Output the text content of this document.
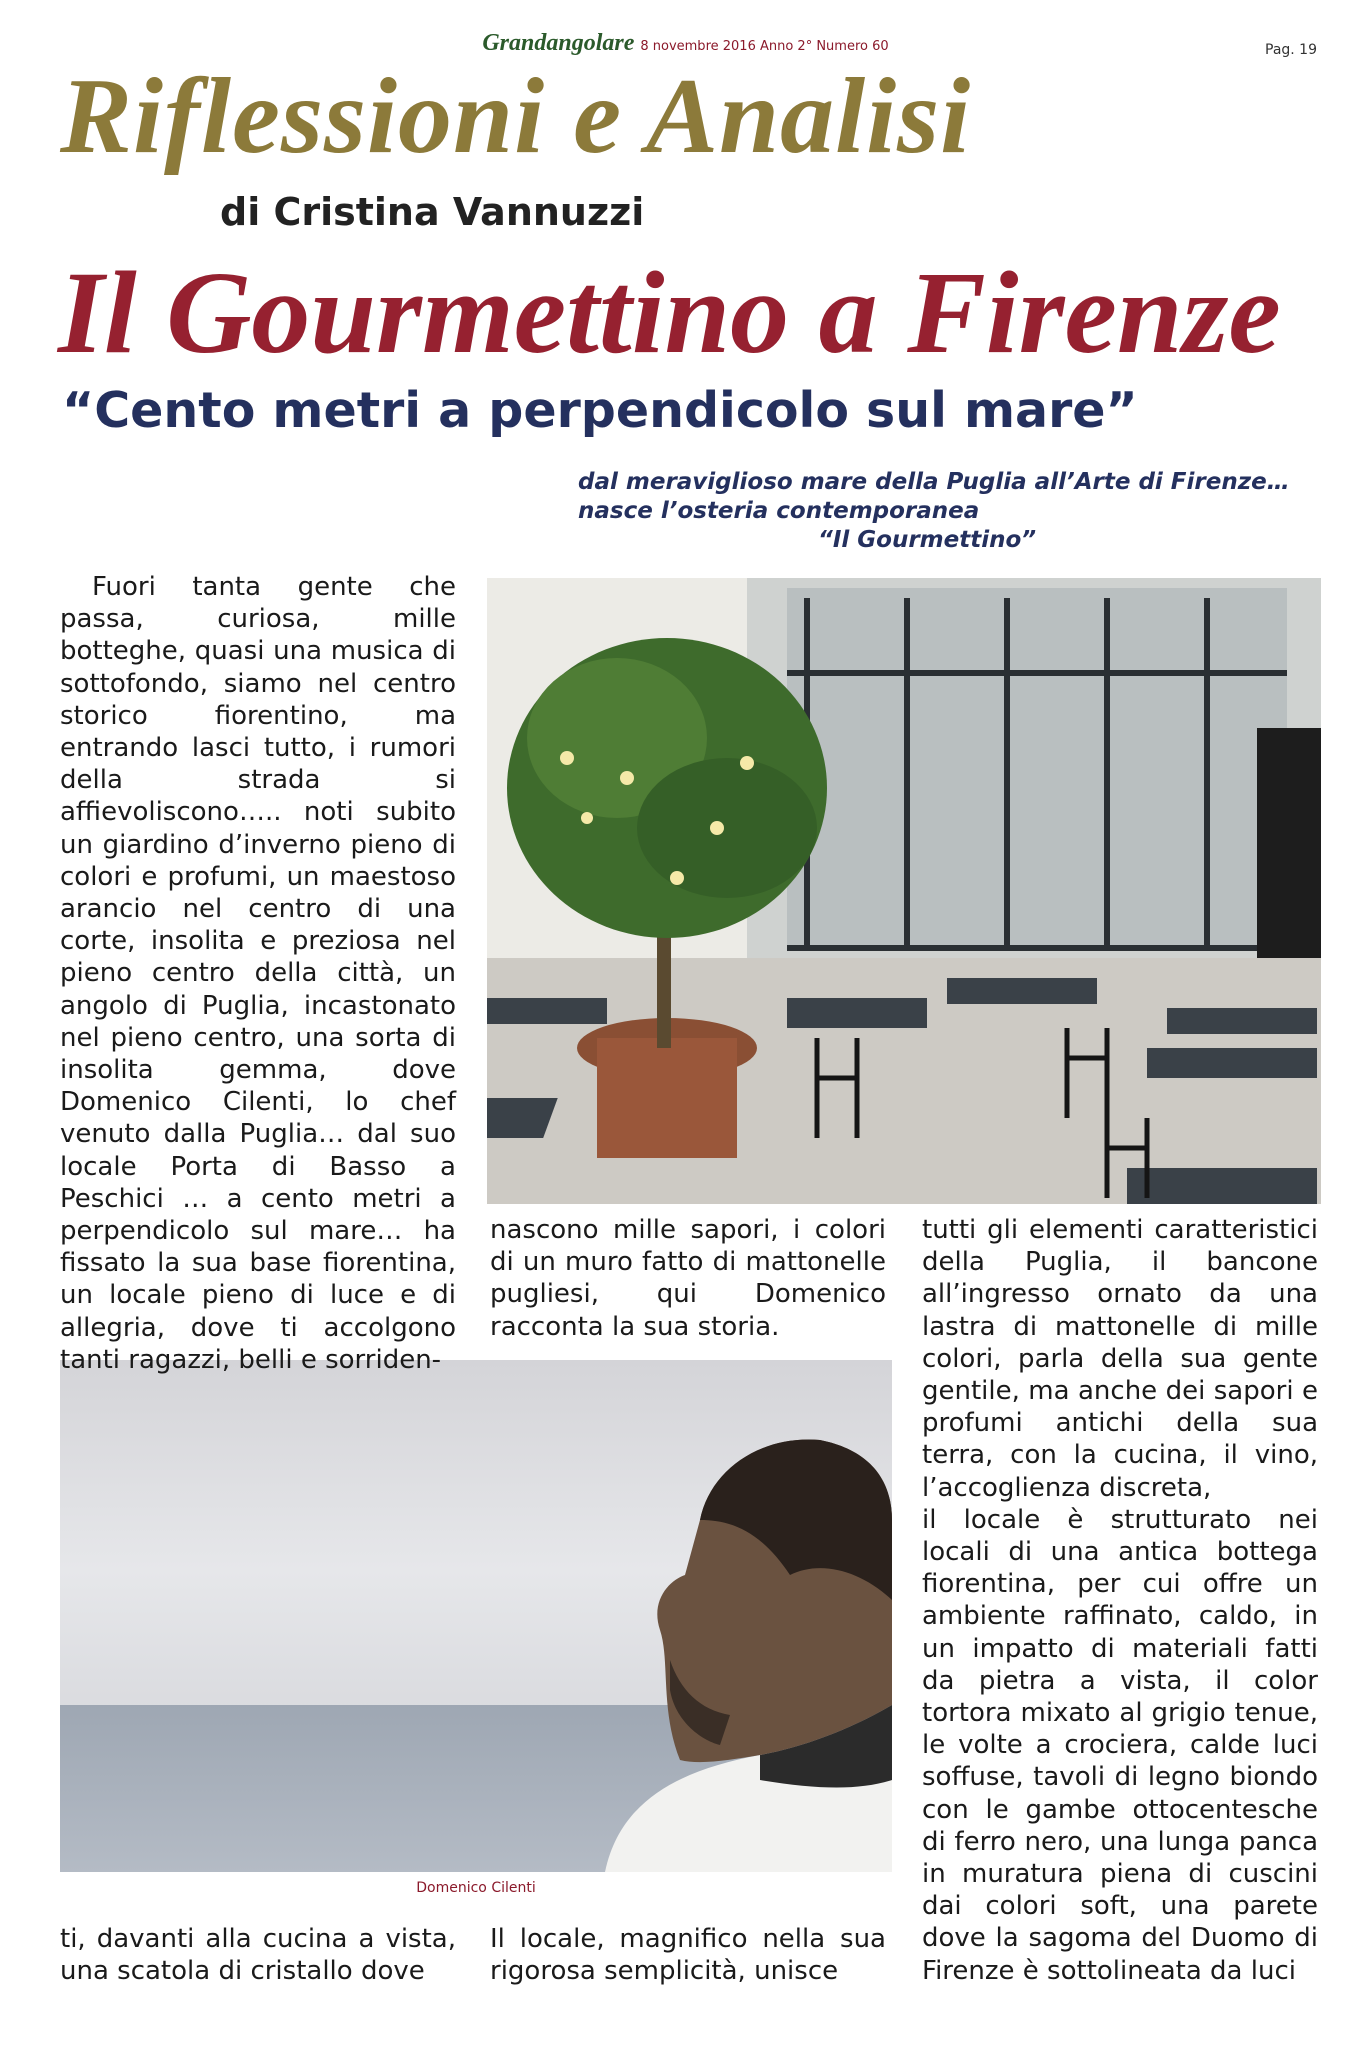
Grandangolare 8 novembre 2016 Anno 2° Numero 60	Pag. 19
Riflessioni e Analisi
di Cristina Vannuzzi
Il Gourmettino a Firenze
“Cento metri a perpendicolo sul mare”
dal meraviglioso mare della Puglia all’Arte di Firenze…
nasce l’osteria contemporanea
“Il Gourmettino”
Domenico Cilenti

Fuori tanta gente che passa, curiosa, mille botteghe, quasi una musica di sottofondo, siamo nel centro storico fiorentino, ma entrando lasci tutto, i rumori della strada si affievoliscono….. noti subito un giardino d’inverno pieno di colori e profumi, un maestoso arancio nel centro di una corte, insolita e preziosa nel pieno centro della città, un angolo di Puglia, incastonato nel pieno centro, una sorta di insolita gemma, dove Domenico Cilenti, lo chef venuto dalla Puglia… dal suo locale Porta di Basso a Peschici … a cento metri a perpendicolo sul mare… ha fissato la sua base fiorentina, un locale pieno di luce e di allegria, dove ti accolgono tanti ragazzi, belli e sorriden-

nascono mille sapori, i colori di un muro fatto di mattonelle pugliesi, qui Domenico racconta la sua storia.

tutti gli elementi caratteristici della Puglia, il bancone all’ingresso ornato da una lastra di mattonelle di mille colori, parla della sua gente gentile, ma anche dei sapori e profumi antichi della sua terra, con la cucina, il vino, l’accoglienza discreta,

il locale è strutturato nei locali di una antica bottega fiorentina, per cui offre un ambiente raffinato, caldo, in un impatto di materiali fatti da pietra a vista, il color tortora mixato al grigio tenue, le volte a crociera, calde luci soffuse, tavoli di legno biondo con le gambe ottocentesche di ferro nero, una lunga panca in muratura piena di cuscini dai colori soft, una parete dove la sagoma del Duomo di Firenze è sottolineata da luci

ti, davanti alla cucina a vista, una scatola di cristallo dove

Il locale, magnifico nella sua rigorosa semplicità, unisce
